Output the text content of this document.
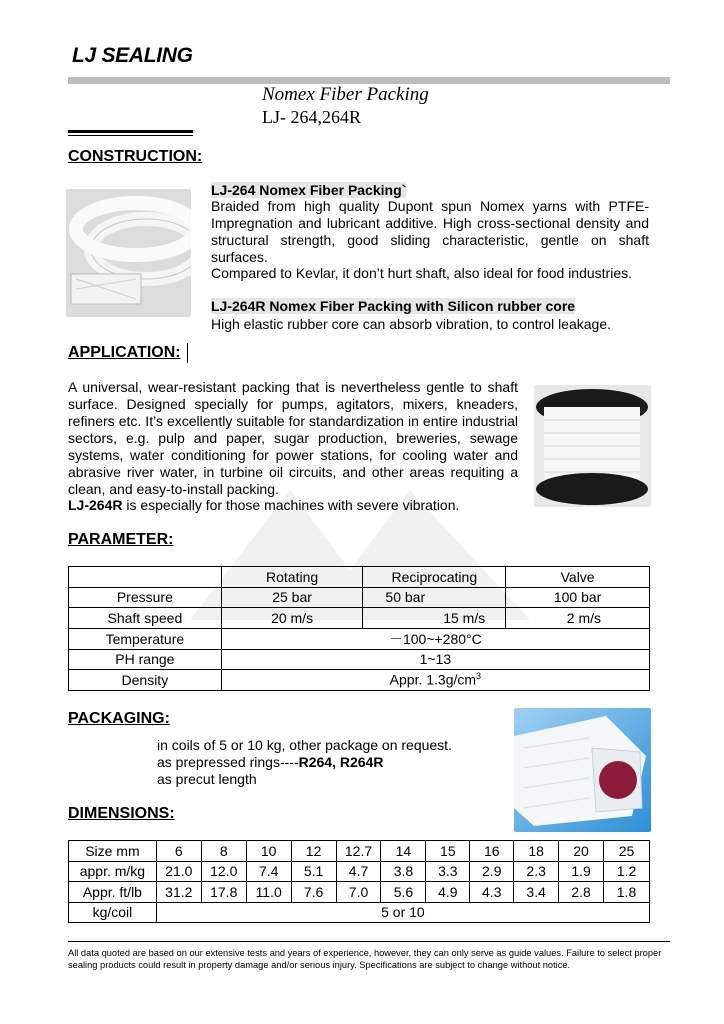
LJ SEALING
Nomex Fiber Packing
LJ- 264,264R
CONSTRUCTION:
LJ-264 Nomex Fiber Packing`
Braided from high quality Dupont spun Nomex yarns with PTFE-Impregnation and lubricant additive. High cross-sectional density and structural strength, good sliding characteristic, gentle on shaft surfaces.
Compared to Kevlar, it don’t hurt shaft, also ideal for food industries.
LJ-264R Nomex Fiber Packing with Silicon rubber core
High elastic rubber core can absorb vibration, to control leakage.
APPLICATION:
A universal, wear-resistant packing that is nevertheless gentle to shaft surface. Designed specially for pumps, agitators, mixers, kneaders, refiners etc. It’s excellently suitable for standardization in entire industrial sectors, e.g. pulp and paper, sugar production, breweries, sewage systems, water conditioning for power stations, for cooling water and abrasive river water, in turbine oil circuits, and other areas requiting a clean, and easy-to-install packing.
LJ-264R is especially for those machines with severe vibration.
PARAMETER:
	Rotating	Reciprocating	Valve
Pressure	25 bar	50 bar	100 bar
Shaft speed	20 m/s	15 m/s	2 m/s
Temperature	－100~+280°C		
PH range	1~13		
Density	Appr. $1.3g/cm^3$
PACKAGING:
in coils of 5 or 10 kg, other package on request.
as prepressed rings----R264, R264R
as precut length
DIMENSIONS:
Size mm	6	8	10	12	12.7	14	15	16	18	20	25
appr. m/kg	21.0	12.0	7.4	5.1	4.7	3.8	3.3	2.9	2.3	1.9	1.2
Appr. ft/lb	31.2	17.8	11.0	7.6	7.0	5.6	4.9	4.3	3.4	2.8	1.8
kg/coil	5 or 10										
All data quoted are based on our extensive tests and years of experience, however, they can only serve as guide values. Failure to select proper sealing products could result in property damage and/or serious injury. Specifications are subject to change without notice.
